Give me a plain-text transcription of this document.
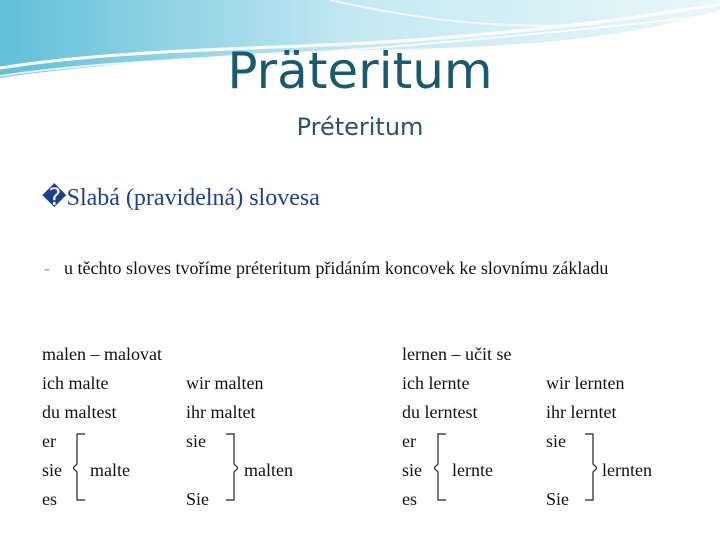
Präteritum
Préteritum
�Slabá (pravidelná) slovesa
- u těchto sloves tvoříme préteritum přidáním koncovek ke slovnímu základu
malen – malovat
ich malte
du maltest
er
sie
es
malte
wir malten
ihr maltet
sie
Sie
malten
lernen – učit se
ich lernte
du lerntest
er
sie
es
lernte
wir lernten
ihr lerntet
sie
Sie
lernten
